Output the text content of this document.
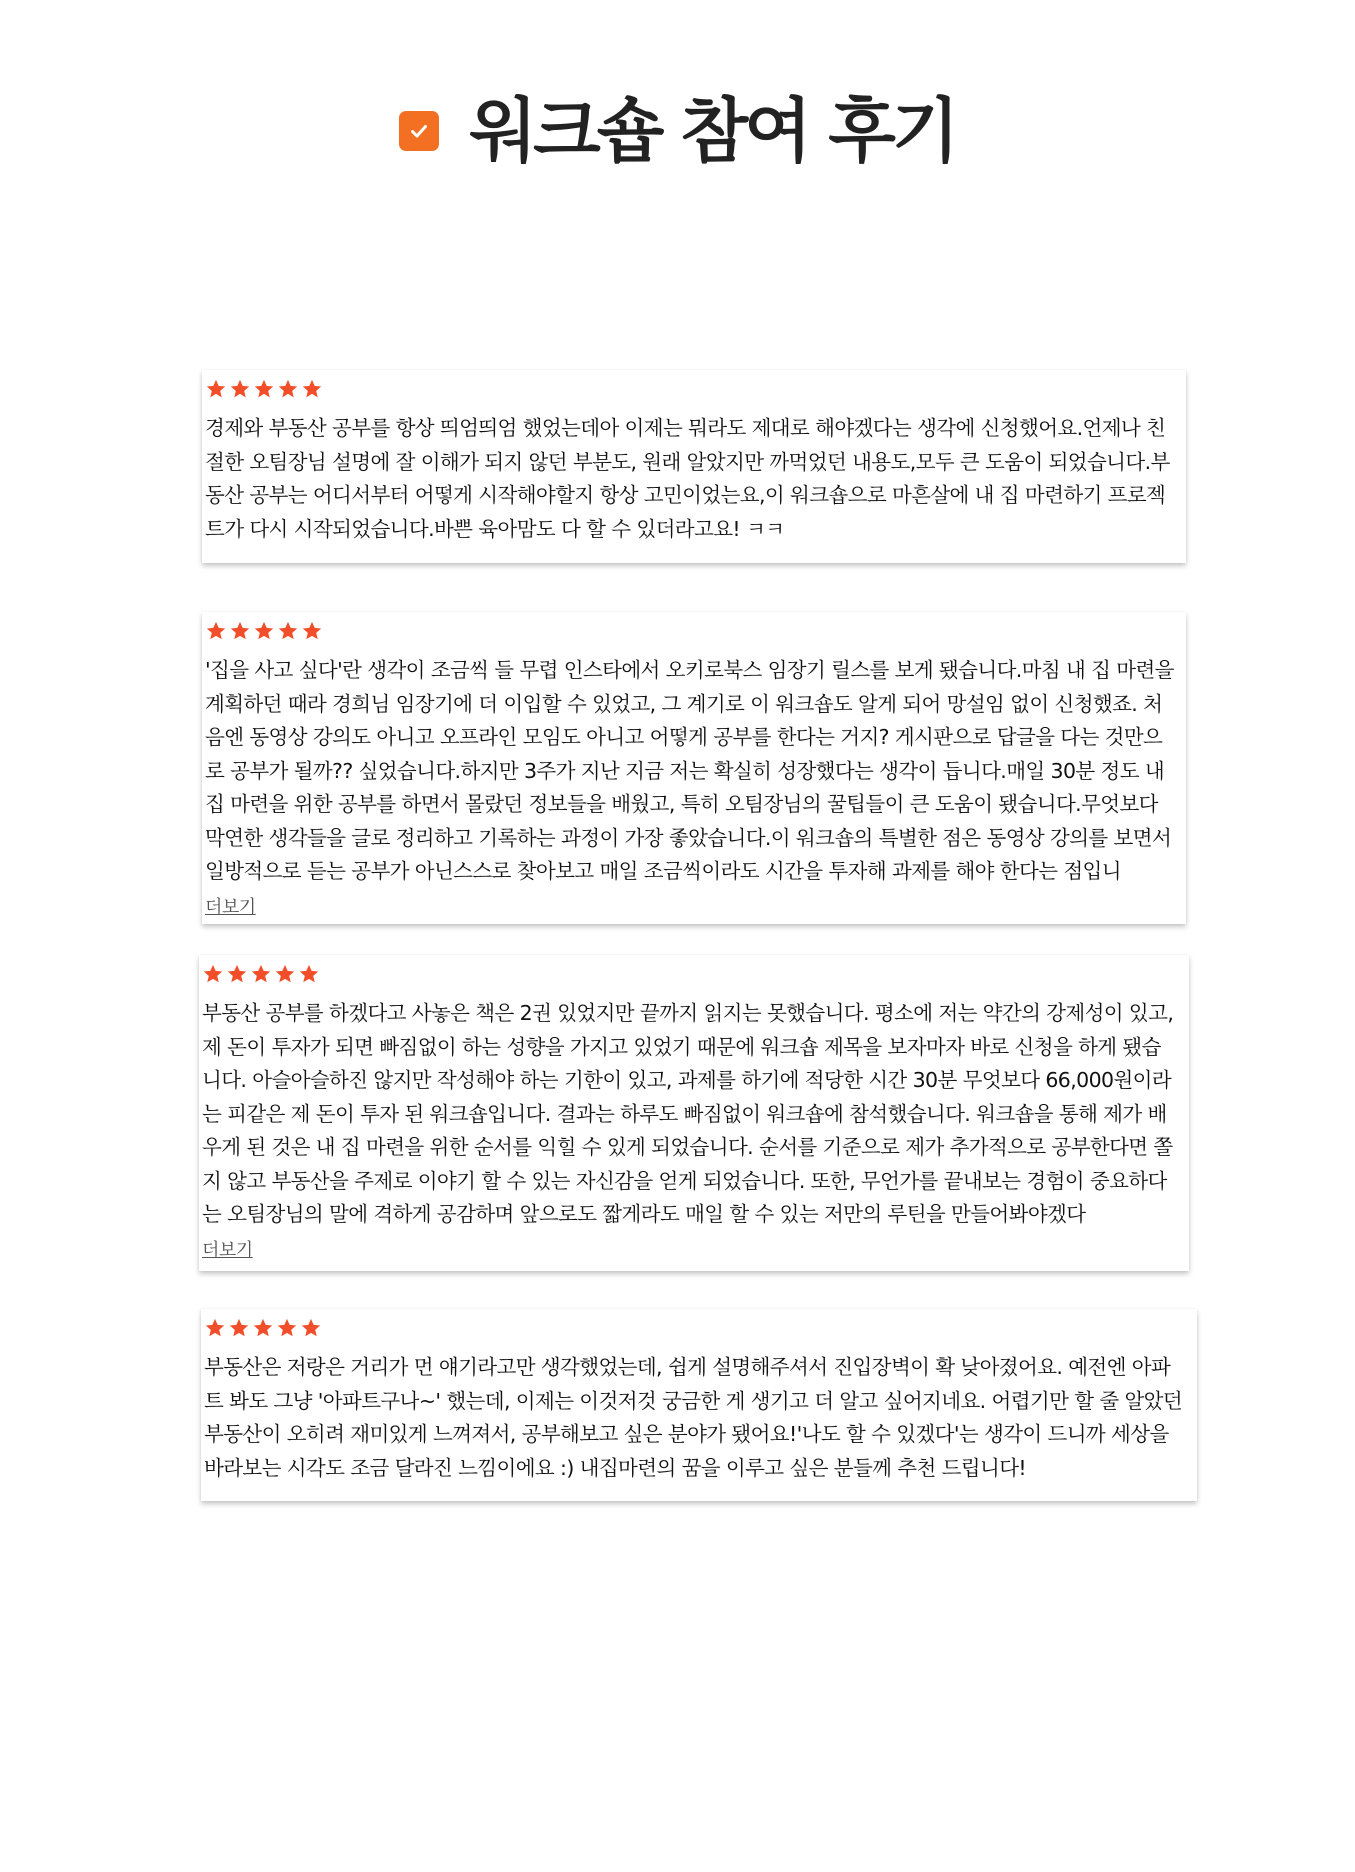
워크숍 참여 후기

경제와 부동산 공부를 항상 띄엄띄엄 했었는데아 이제는 뭐라도 제대로 해야겠다는 생각에 신청했어요.언제나 친절한 오팀장님 설명에 잘 이해가 되지 않던 부분도, 원래 알았지만 까먹었던 내용도,모두 큰 도움이 되었습니다.부동산 공부는 어디서부터 어떻게 시작해야할지 항상 고민이었는요,이 워크숍으로 마흔살에 내 집 마련하기 프로젝트가 다시 시작되었습니다.바쁜 육아맘도 다 할 수 있더라고요! ㅋㅋ

'집을 사고 싶다'란 생각이 조금씩 들 무렵 인스타에서 오키로북스 임장기 릴스를 보게 됐습니다.마침 내 집 마련을 계획하던 때라 경희님 임장기에 더 이입할 수 있었고, 그 계기로 이 워크숍도 알게 되어 망설임 없이 신청했죠. 처음엔 동영상 강의도 아니고 오프라인 모임도 아니고 어떻게 공부를 한다는 거지? 게시판으로 답글을 다는 것만으로 공부가 될까?? 싶었습니다.하지만 3주가 지난 지금 저는 확실히 성장했다는 생각이 듭니다.매일 30분 정도 내 집 마련을 위한 공부를 하면서 몰랐던 정보들을 배웠고, 특히 오팀장님의 꿀팁들이 큰 도움이 됐습니다.무엇보다 막연한 생각들을 글로 정리하고 기록하는 과정이 가장 좋았습니다.이 워크숍의 특별한 점은 동영상 강의를 보면서 일방적으로 듣는 공부가 아닌스스로 찾아보고 매일 조금씩이라도 시간을 투자해 과제를 해야 한다는 점입니

더보기

부동산 공부를 하겠다고 사놓은 책은 2권 있었지만 끝까지 읽지는 못했습니다. 평소에 저는 약간의 강제성이 있고, 제 돈이 투자가 되면 빠짐없이 하는 성향을 가지고 있었기 때문에 워크숍 제목을 보자마자 바로 신청을 하게 됐습니다. 아슬아슬하진 않지만 작성해야 하는 기한이 있고, 과제를 하기에 적당한 시간 30분 무엇보다 66,000원이라는 피같은 제 돈이 투자 된 워크숍입니다. 결과는 하루도 빠짐없이 워크숍에 참석했습니다. 워크숍을 통해 제가 배우게 된 것은 내 집 마련을 위한 순서를 익힐 수 있게 되었습니다. 순서를 기준으로 제가 추가적으로 공부한다면 쫄지 않고 부동산을 주제로 이야기 할 수 있는 자신감을 얻게 되었습니다. 또한, 무언가를 끝내보는 경험이 중요하다는 오팀장님의 말에 격하게 공감하며 앞으로도 짧게라도 매일 할 수 있는 저만의 루틴을 만들어봐야겠다

더보기

부동산은 저랑은 거리가 먼 얘기라고만 생각했었는데, 쉽게 설명해주셔서 진입장벽이 확 낮아졌어요. 예전엔 아파트 봐도 그냥 '아파트구나~' 했는데, 이제는 이것저것 궁금한 게 생기고 더 알고 싶어지네요. 어렵기만 할 줄 알았던 부동산이 오히려 재미있게 느껴져서, 공부해보고 싶은 분야가 됐어요!'나도 할 수 있겠다'는 생각이 드니까 세상을 바라보는 시각도 조금 달라진 느낌이에요 :) 내집마련의 꿈을 이루고 싶은 분들께 추천 드립니다!
